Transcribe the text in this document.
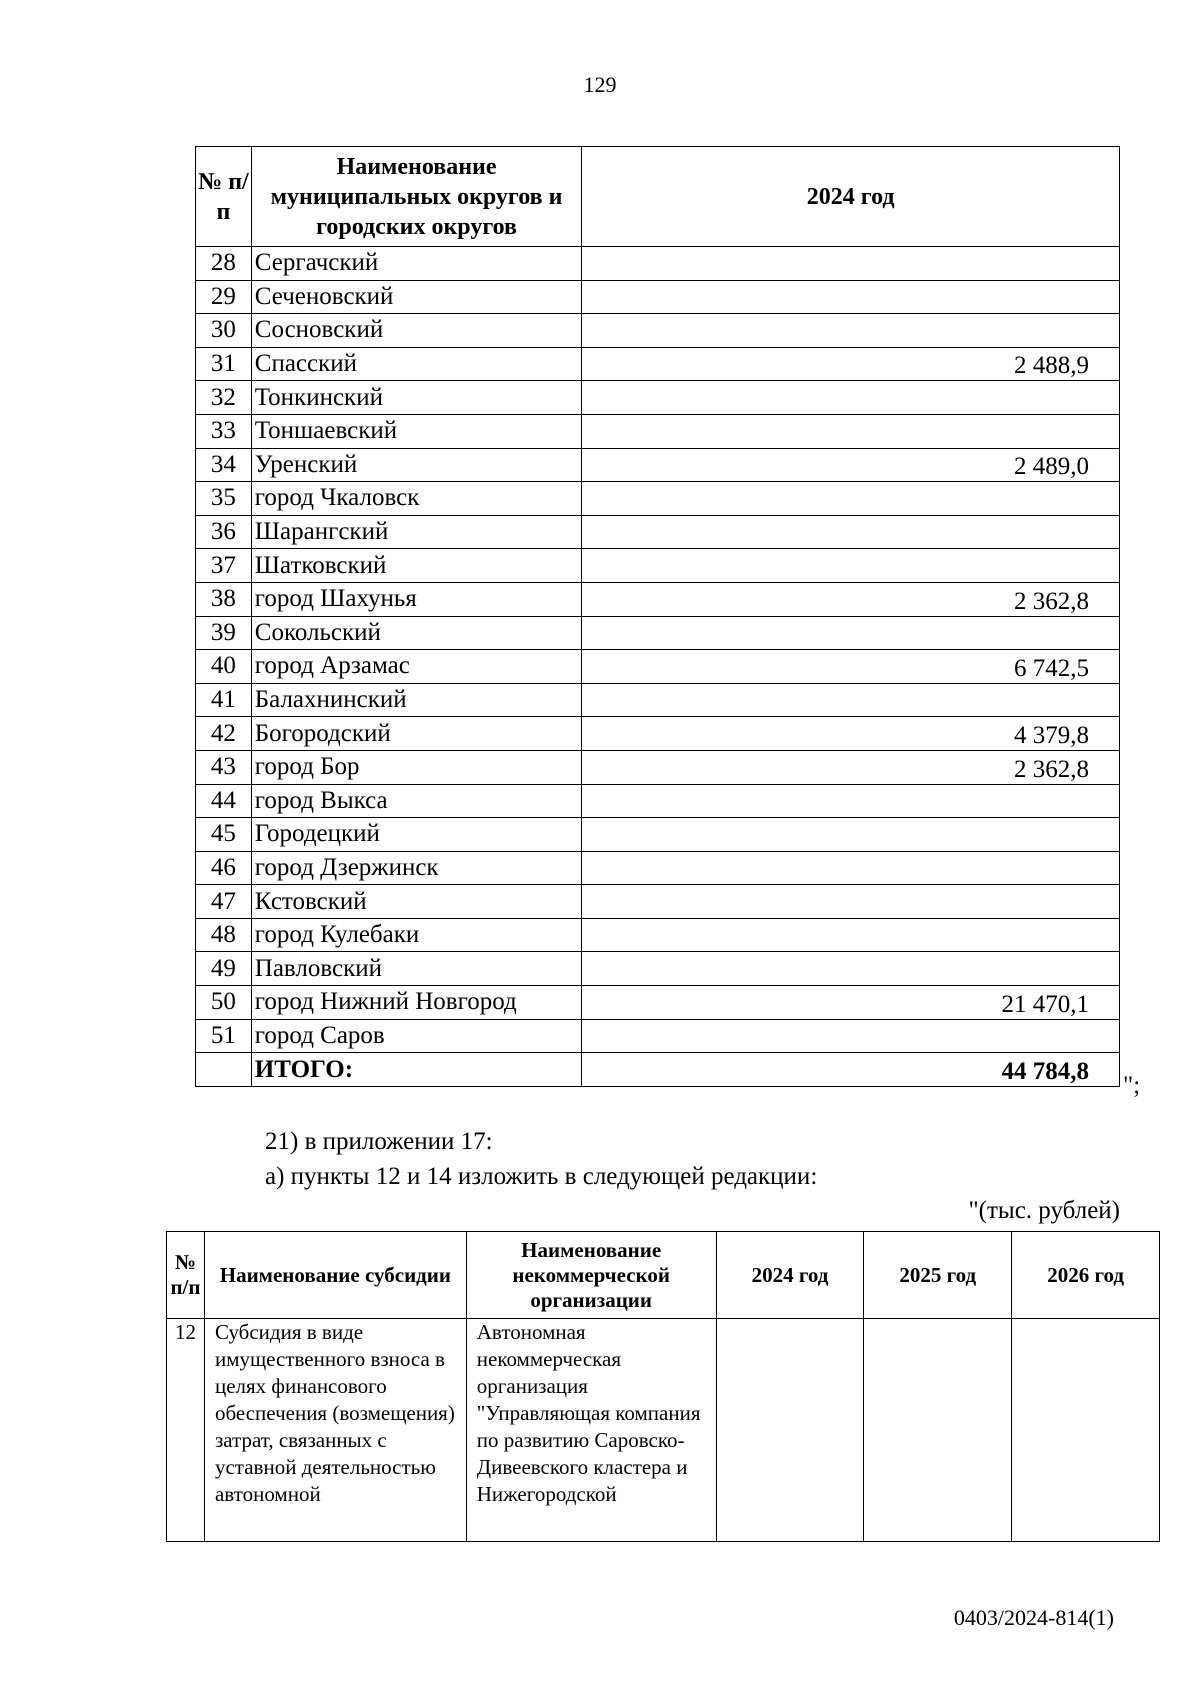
129
№ п/п	Наименование муниципальных округов и городских округов	2024 год
28	Сергачский	
29	Сеченовский	
30	Сосновский	
31	Спасский	2 488,9
32	Тонкинский	
33	Тоншаевский	
34	Уренский	2 489,0
35	город Чкаловск	
36	Шарангский	
37	Шатковский	
38	город Шахунья	2 362,8
39	Сокольский	
40	город Арзамас	6 742,5
41	Балахнинский	
42	Богородский	4 379,8
43	город Бор	2 362,8
44	город Выкса	
45	Городецкий	
46	город Дзержинск	
47	Кстовский	
48	город Кулебаки	
49	Павловский	
50	город Нижний Новгород	21 470,1
51	город Саров	
	ИТОГО:	44 784,8
";
21) в приложении 17:
а) пункты 12 и 14 изложить в следующей редакции:
"(тыс. рублей)
№ п/п	Наименование субсидии	Наименование некоммерческой организации	2024 год	2025 год	2026 год
12	Субсидия в виде имущественного взноса в целях финансового обеспечения (возмещения) затрат, связанных с уставной деятельностью автономной	Автономная некоммерческая организация "Управляющая компания по развитию Саровско-Дивеевского кластера и Нижегородской			
0403/2024-814(1)
